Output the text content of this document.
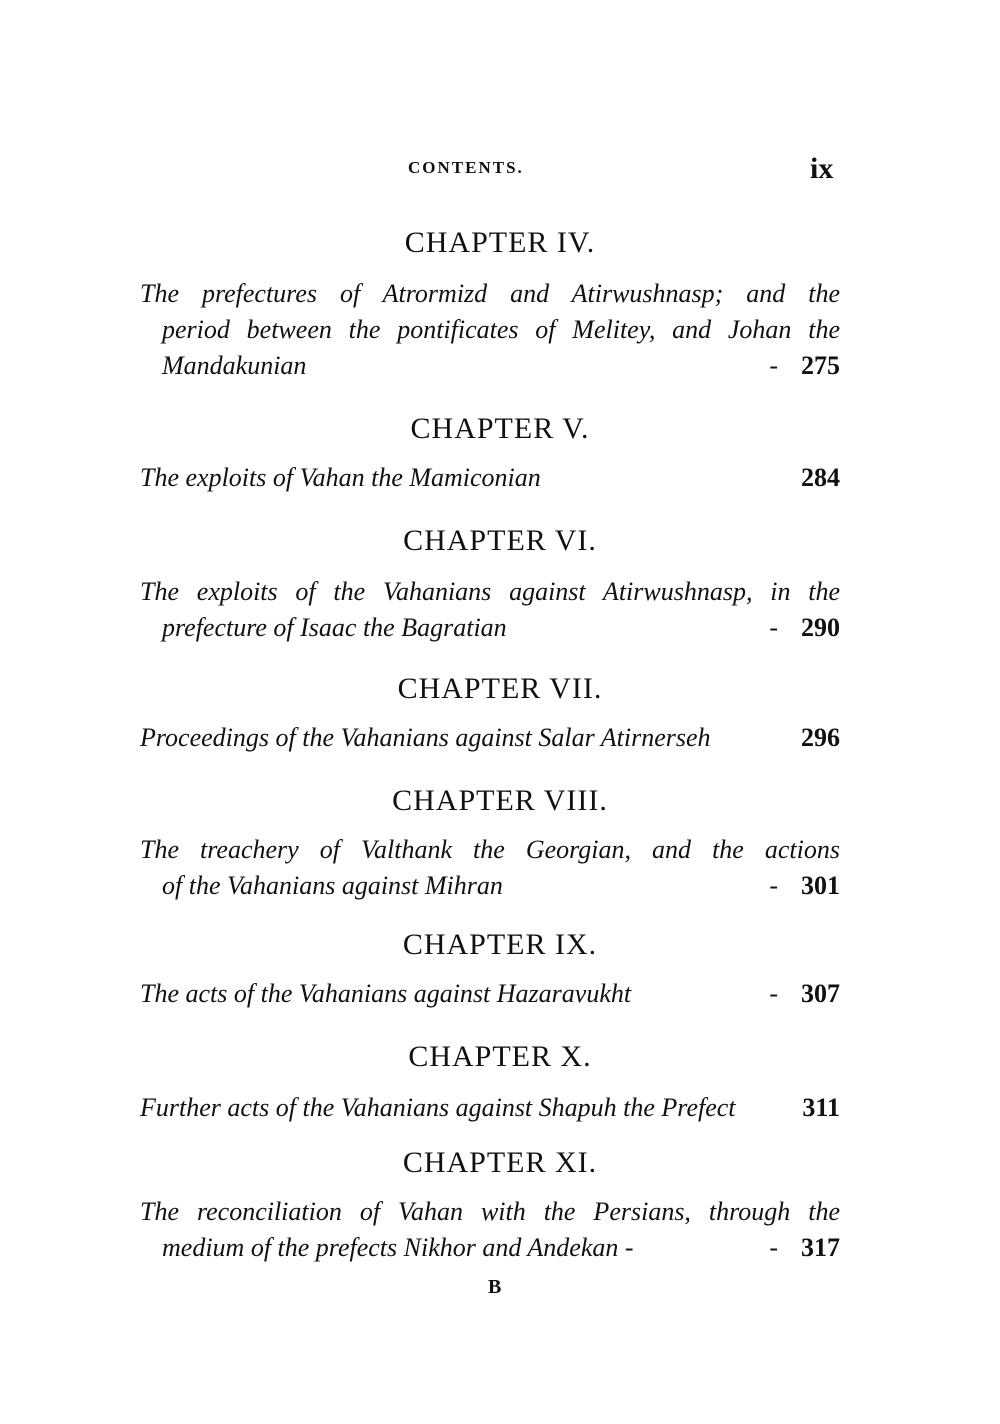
CONTENTS.	ix
CHAPTER IV.
The prefectures of Atrormizd and Atirwushnasp; and the
period between the pontificates of Melitey, and Johan the
Mandakunian	- 275
CHAPTER V.
The exploits of Vahan the Mamiconian	284
CHAPTER VI.
The exploits of the Vahanians against Atirwushnasp, in the
prefecture of Isaac the Bagratian	- 290
CHAPTER VII.
Proceedings of the Vahanians against Salar Atirnerseh	296
CHAPTER VIII.
The treachery of Valthank the Georgian, and the actions
of the Vahanians against Mihran	- 301
CHAPTER IX.
The acts of the Vahanians against Hazaravukht	- 307
CHAPTER X.
Further acts of the Vahanians against Shapuh the Prefect	311
CHAPTER XI.
The reconciliation of Vahan with the Persians, through the
medium of the prefects Nikhor and Andekan -	- 317
B
